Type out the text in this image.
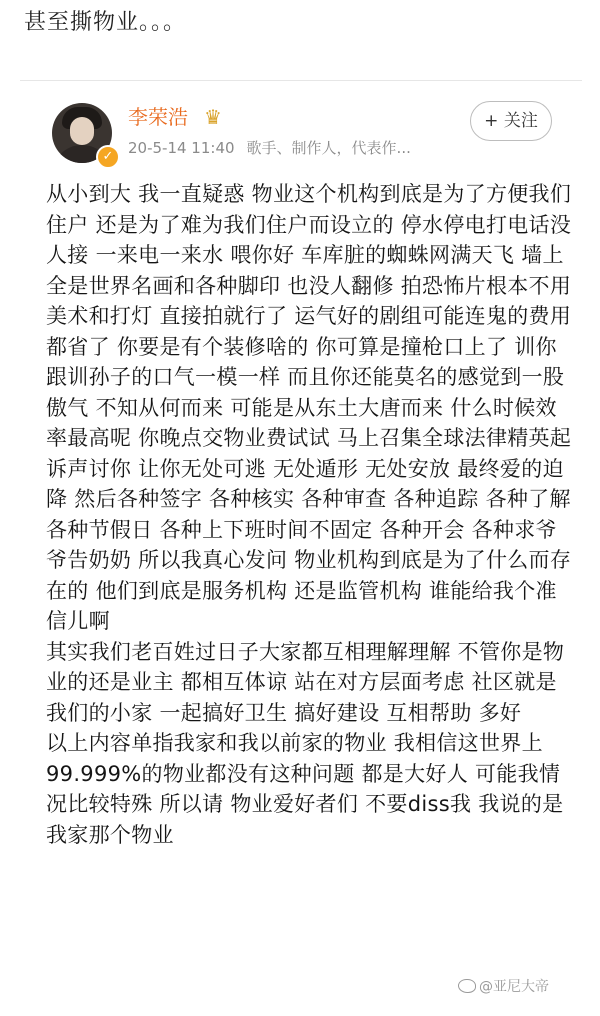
甚至撕物业。。。
✓
李荣浩 ♛
20-5-14 11:40 歌手、制作人，代表作...
+ 关注

从小到大 我一直疑惑 物业这个机构到底是为了方便我们住户 还是为了难为我们住户而设立的 停水停电打电话没人接 一来电一来水 喂你好 车库脏的蜘蛛网满天飞 墙上全是世界名画和各种脚印 也没人翻修 拍恐怖片根本不用美术和打灯 直接拍就行了 运气好的剧组可能连鬼的费用都省了 你要是有个装修啥的 你可算是撞枪口上了 训你跟训孙子的口气一模一样 而且你还能莫名的感觉到一股傲气 不知从何而来 可能是从东土大唐而来 什么时候效率最高呢 你晚点交物业费试试 马上召集全球法律精英起诉声讨你 让你无处可逃 无处遁形 无处安放 最终爱的迫降 然后各种签字 各种核实 各种审查 各种追踪 各种了解 各种节假日 各种上下班时间不固定 各种开会 各种求爷爷告奶奶 所以我真心发问 物业机构到底是为了什么而存在的 他们到底是服务机构 还是监管机构 谁能给我个准信儿啊

其实我们老百姓过日子大家都互相理解理解 不管你是物业的还是业主 都相互体谅 站在对方层面考虑 社区就是我们的小家 一起搞好卫生 搞好建设 互相帮助 多好

以上内容单指我家和我以前家的物业 我相信这世界上99.999%的物业都没有这种问题 都是大好人 可能我情况比较特殊 所以请 物业爱好者们 不要diss我 我说的是我家那个物业

@亚尼大帝
